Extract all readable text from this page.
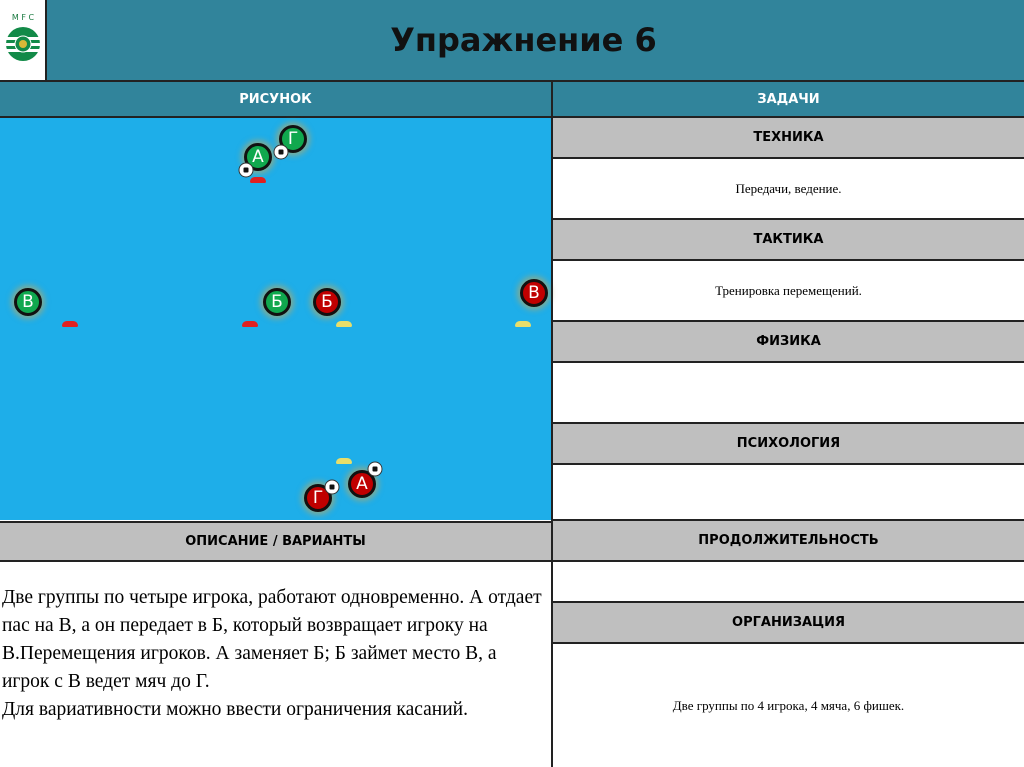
M F C
Упражнение 6
РИСУНОК	ЗАДАЧИ
А
Г
В	Б	Б	В
А
Г
ТЕХНИКА
Передачи, ведение.
ТАКТИКА
Тренировка перемещений.
ФИЗИКА
ПСИХОЛОГИЯ
ОПИСАНИЕ / ВАРИАНТЫ	ПРОДОЛЖИТЕЛЬНОСТЬ
ОРГАНИЗАЦИЯ
Две группы по 4 игрока, 4 мяча, 6 фишек.
Две группы по четыре игрока, работают одновременно. А отдает пас на В, а он передает в Б, который возвращает игроку на В.Перемещения игроков. А заменяет Б; Б займет место В, а игрок с В ведет мяч до Г.
Для вариативности можно ввести ограничения касаний.
